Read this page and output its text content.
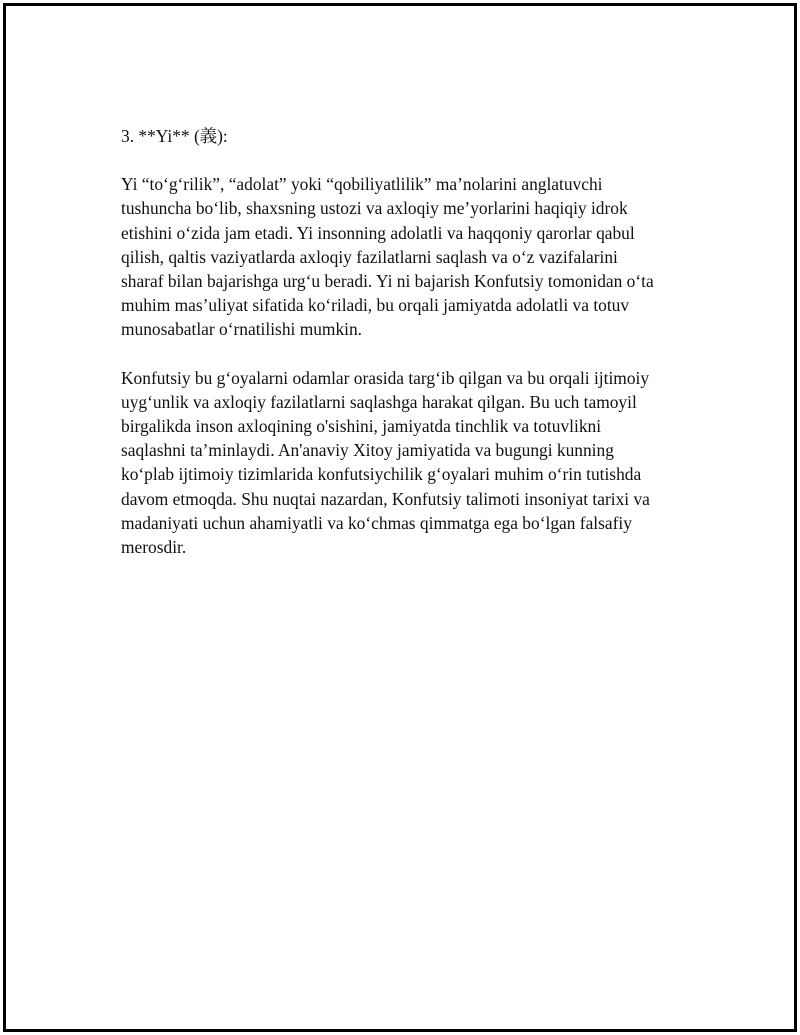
3. **Yi** (義):
Yi “to‘g‘rilik”, “adolat” yoki “qobiliyatlilik” ma’nolarini anglatuvchi
tushuncha bo‘lib, shaxsning ustozi va axloqiy me’yorlarini haqiqiy idrok
etishini o‘zida jam etadi. Yi insonning adolatli va haqqoniy qarorlar qabul
qilish, qaltis vaziyatlarda axloqiy fazilatlarni saqlash va o‘z vazifalarini
sharaf bilan bajarishga urg‘u beradi. Yi ni bajarish Konfutsiy tomonidan o‘ta
muhim mas’uliyat sifatida ko‘riladi, bu orqali jamiyatda adolatli va totuv
munosabatlar o‘rnatilishi mumkin.
Konfutsiy bu g‘oyalarni odamlar orasida targ‘ib qilgan va bu orqali ijtimoiy
uyg‘unlik va axloqiy fazilatlarni saqlashga harakat qilgan. Bu uch tamoyil
birgalikda inson axloqining o'sishini, jamiyatda tinchlik va totuvlikni
saqlashni ta’minlaydi. An'anaviy Xitoy jamiyatida va bugungi kunning
ko‘plab ijtimoiy tizimlarida konfutsiychilik g‘oyalari muhim o‘rin tutishda
davom etmoqda. Shu nuqtai nazardan, Konfutsiy talimoti insoniyat tarixi va
madaniyati uchun ahamiyatli va ko‘chmas qimmatga ega bo‘lgan falsafiy
merosdir.
